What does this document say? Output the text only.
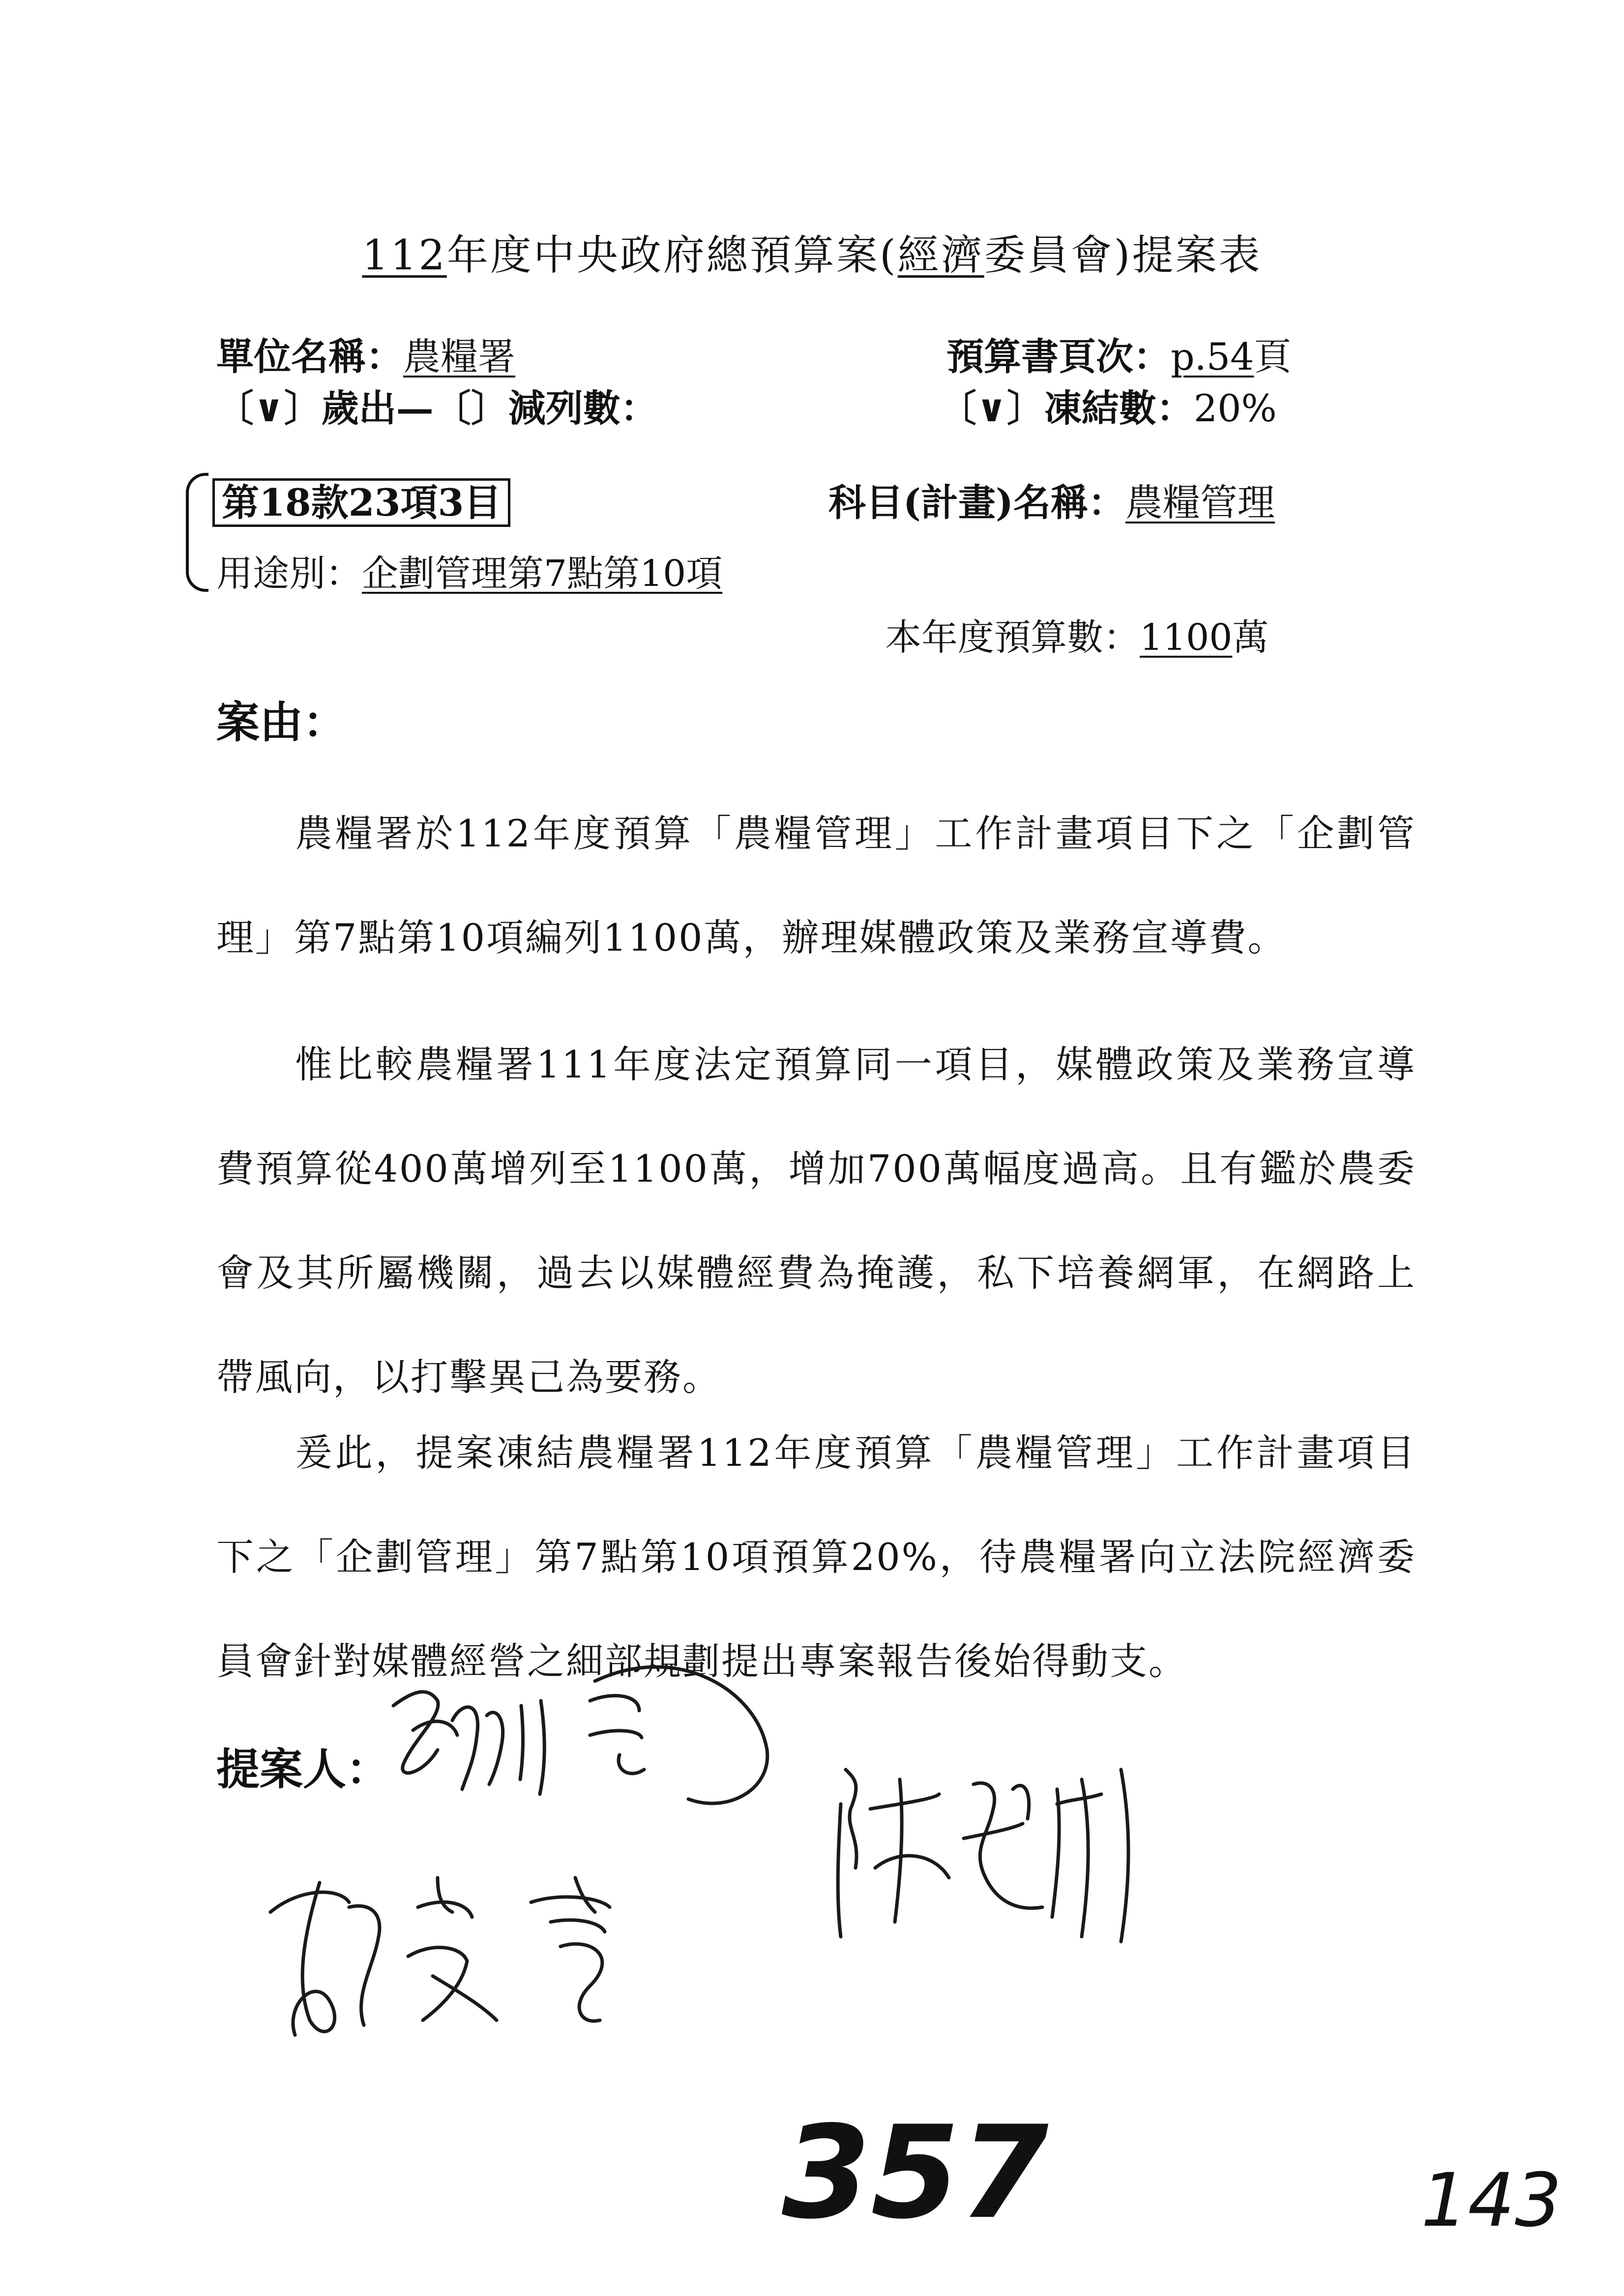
112年度中央政府總預算案(經濟委員會)提案表
單位名稱：農糧署	預算書頁次：p.54頁
〔∨〕歲出—〔〕減列數：	〔∨〕凍結數：20%
第18款23項3目	科目(計畫)名稱：農糧管理
用途別：企劃管理第7點第10項
本年度預算數：1100萬
案由：
農糧署於112年度預算「農糧管理」工作計畫項目下之「企劃管理」第7點第10項編列1100萬，辦理媒體政策及業務宣導費。
惟比較農糧署111年度法定預算同一項目，媒體政策及業務宣導費預算從400萬增列至1100萬，增加700萬幅度過高。且有鑑於農委會及其所屬機關，過去以媒體經費為掩護，私下培養網軍，在網路上帶風向，以打擊異己為要務。
爰此，提案凍結農糧署112年度預算「農糧管理」工作計畫項目下之「企劃管理」第7點第10項預算20%，待農糧署向立法院經濟委員會針對媒體經營之細部規劃提出專案報告後始得動支。
提案人：
357	143
